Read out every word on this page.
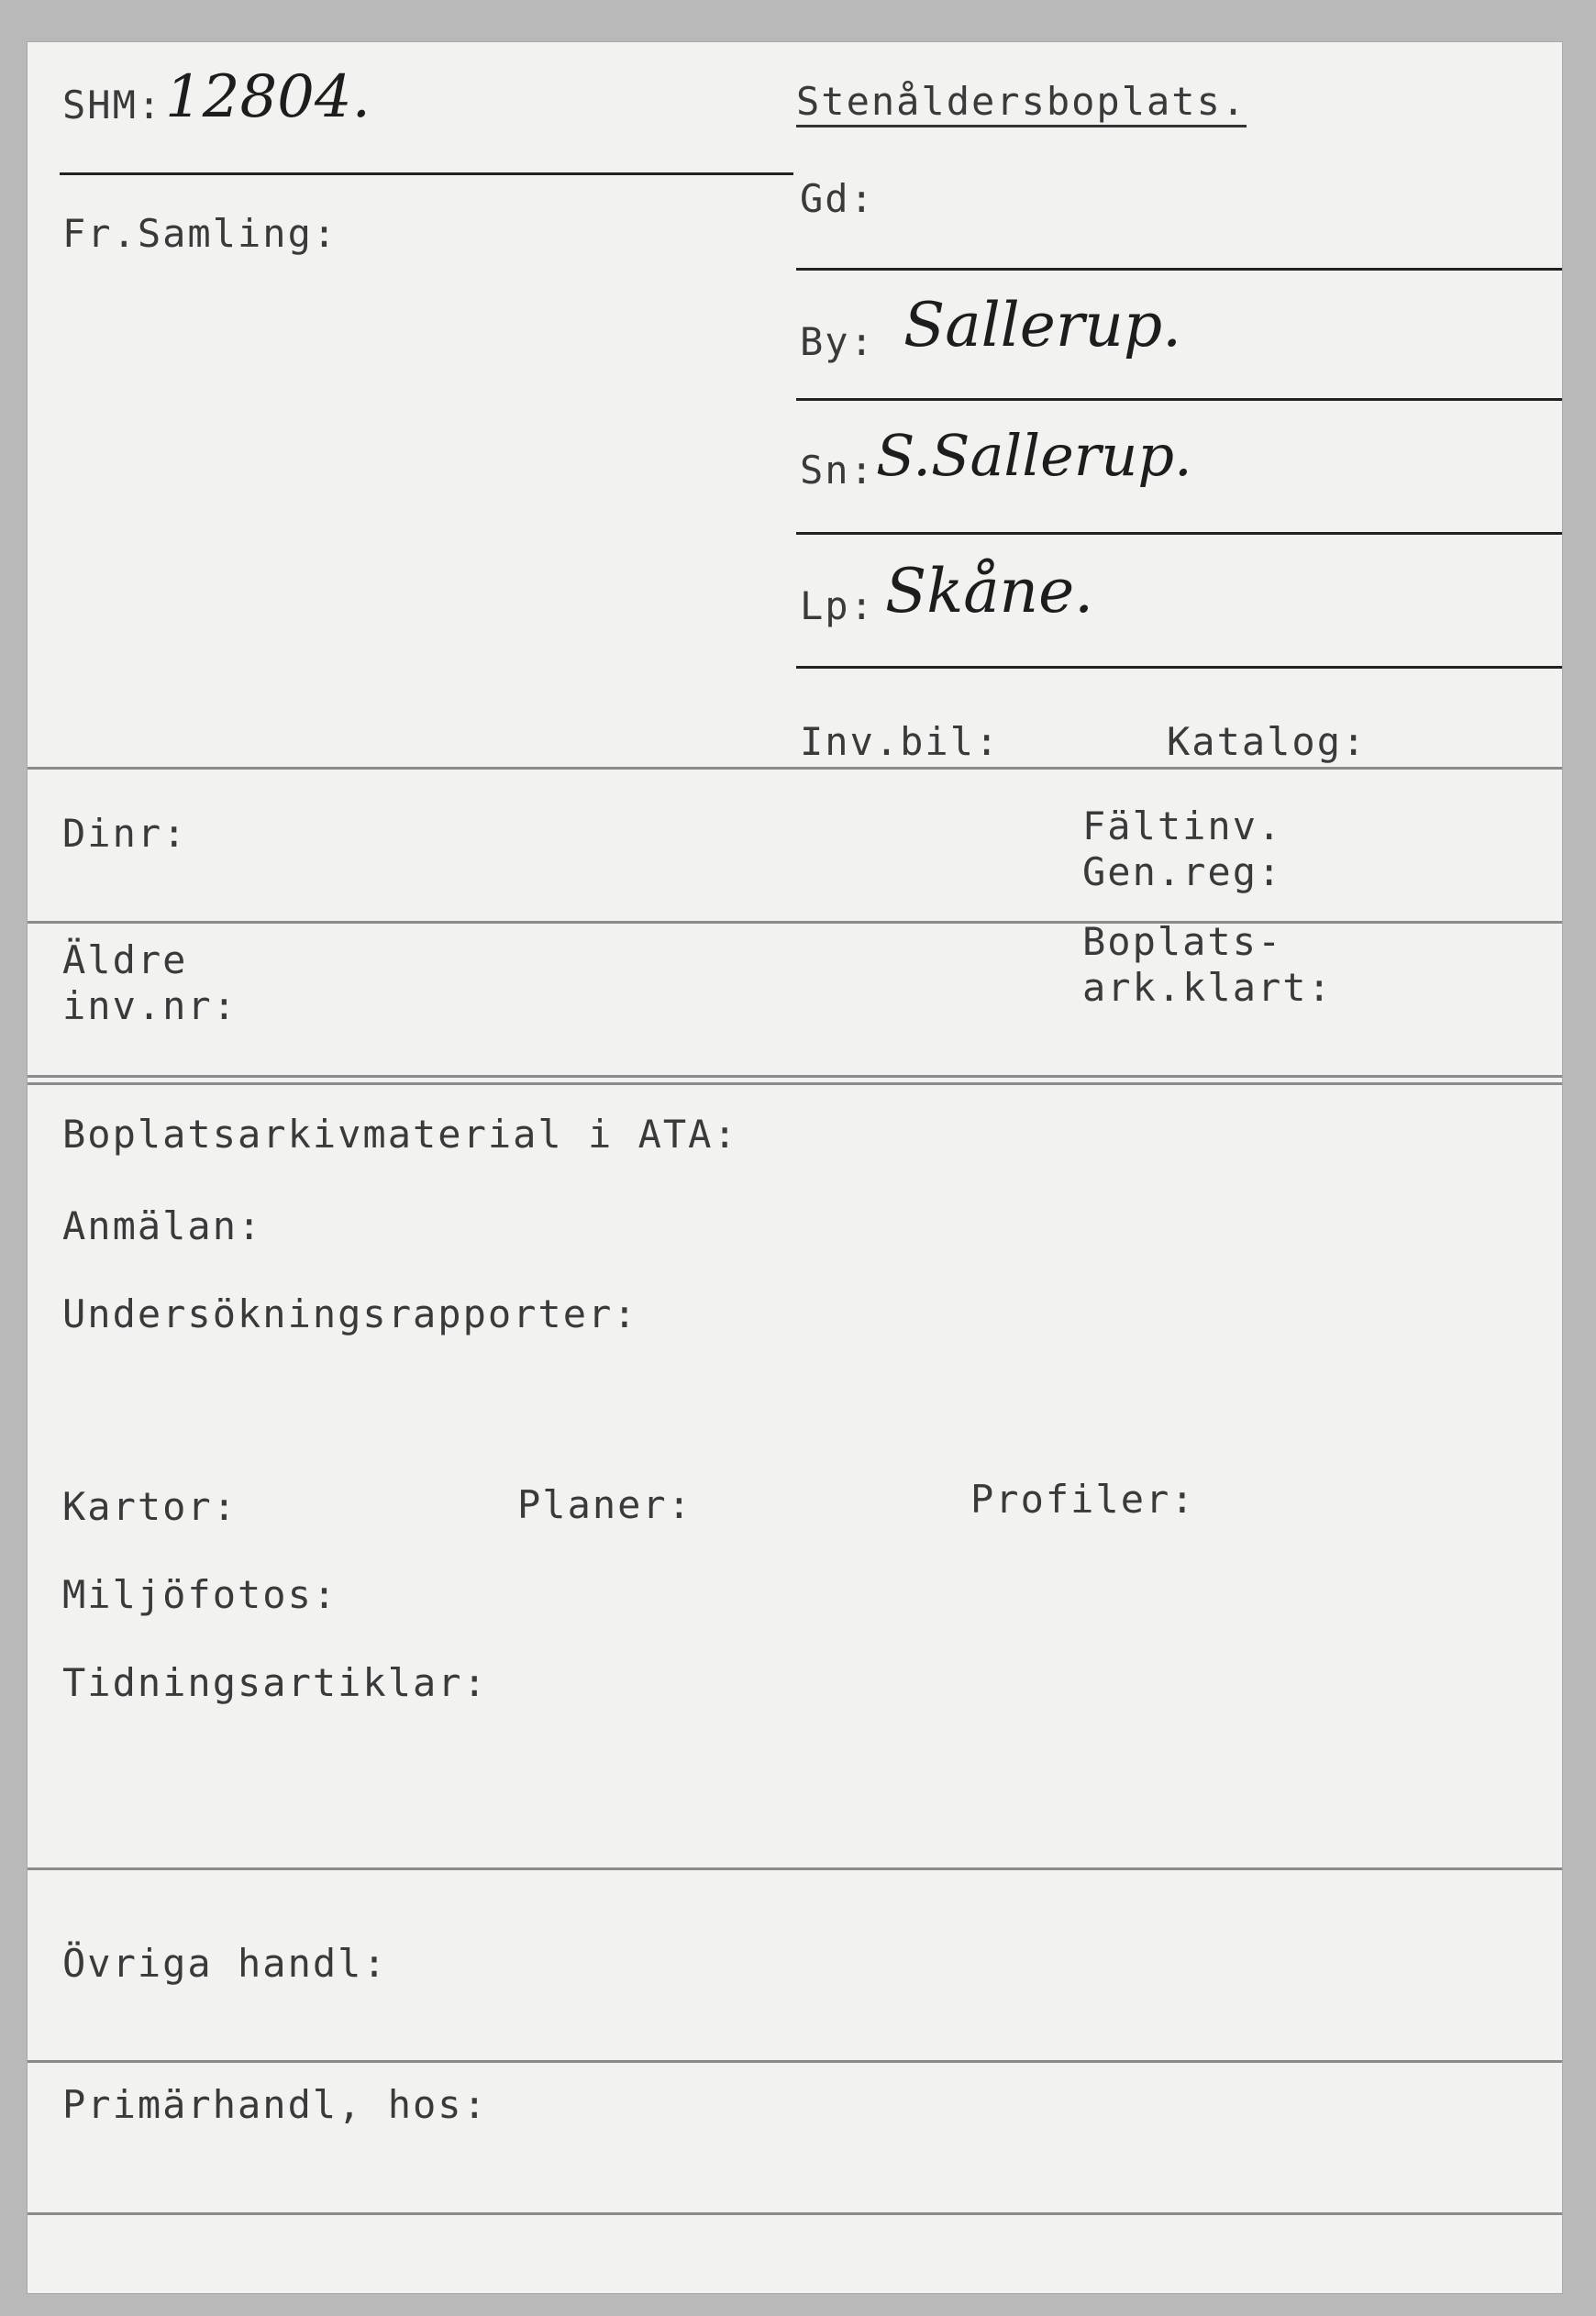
SHM: 12804.	Stenåldersboplats.
Fr.Samling:
Gd:
By: Sallerup.
Sn: S.Sallerup.
Lp: Skåne.
Inv.bil:	Katalog:
Dinr:	Fältinv.
Gen.reg:
Äldre
inv.nr:
Boplats-
ark.klart:
Boplatsarkivmaterial i ATA:
Anmälan:
Undersökningsrapporter:
Kartor:	Planer:	Profiler:
Miljöfotos:
Tidningsartiklar:
Övriga handl:
Primärhandl, hos:
